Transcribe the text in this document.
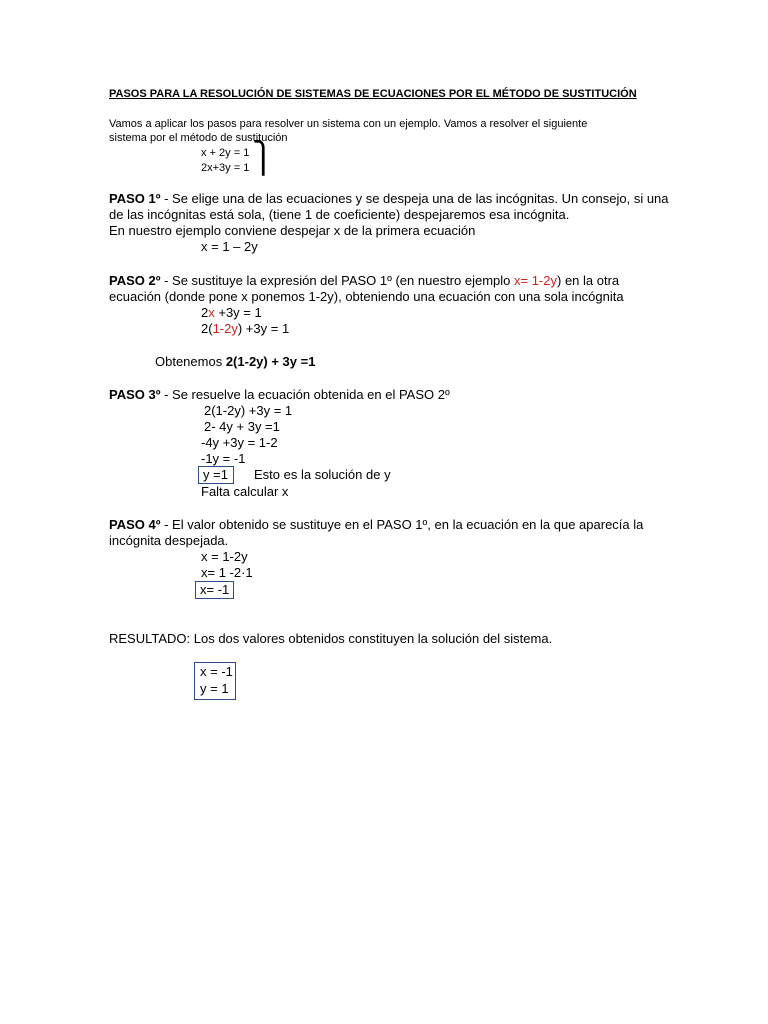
PASOS PARA LA RESOLUCIÓN DE SISTEMAS DE ECUACIONES POR EL MÉTODO DE SUSTITUCIÓN
Vamos a aplicar los pasos para resolver un sistema con un ejemplo. Vamos a resolver el siguiente
sistema por el método de sustitución
x + 2y = 1
2x+3y = 1 ⎫
PASO 1º - Se elige una de las ecuaciones y se despeja una de las incógnitas. Un consejo, si una
de las incógnitas está sola, (tiene 1 de coeficiente) despejaremos esa incógnita.
En nuestro ejemplo conviene despejar x de la primera ecuación
x = 1 – 2y
PASO 2º - Se sustituye la expresión del PASO 1º (en nuestro ejemplo x= 1-2y) en la otra
ecuación (donde pone x ponemos 1-2y), obteniendo una ecuación con una sola incógnita
2x +3y = 1
2(1-2y) +3y = 1
Obtenemos 2(1-2y) + 3y =1
PASO 3º - Se resuelve la ecuación obtenida en el PASO 2º
2(1-2y) +3y = 1
2- 4y + 3y =1
-4y +3y = 1-2
-1y = -1
y =1 Esto es la solución de y
Falta calcular x
PASO 4º - El valor obtenido se sustituye en el PASO 1º, en la ecuación en la que aparecía la
incógnita despejada.
x = 1-2y
x= 1 -2·1
x= -1
RESULTADO: Los dos valores obtenidos constituyen la solución del sistema.
x = -1
y = 1
